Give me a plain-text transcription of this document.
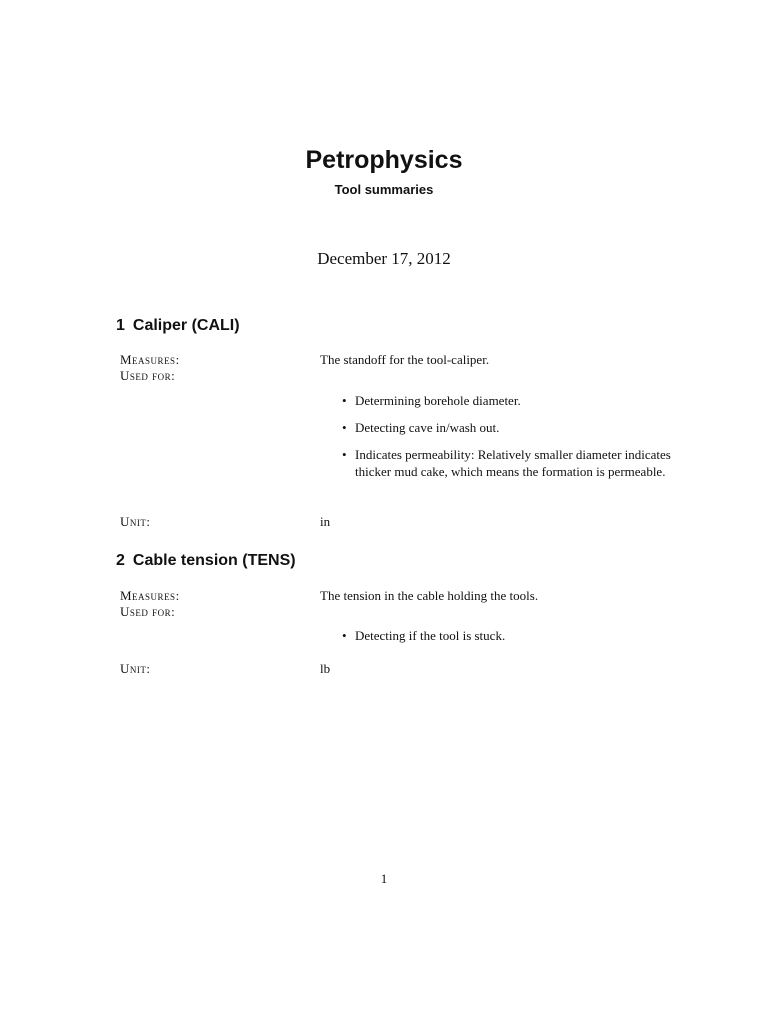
Petrophysics
Tool summaries
December 17, 2012
1 Caliper (CALI)
Measures:	The standoff for the tool-caliper.
Used for:
• Determining borehole diameter.
• Detecting cave in/wash out.
• Indicates permeability: Relatively smaller diameter indicates thicker mud cake, which means the formation is permeable.
Unit:	in
2 Cable tension (TENS)
Measures:	The tension in the cable holding the tools.
Used for:
• Detecting if the tool is stuck.
Unit:	lb
1
